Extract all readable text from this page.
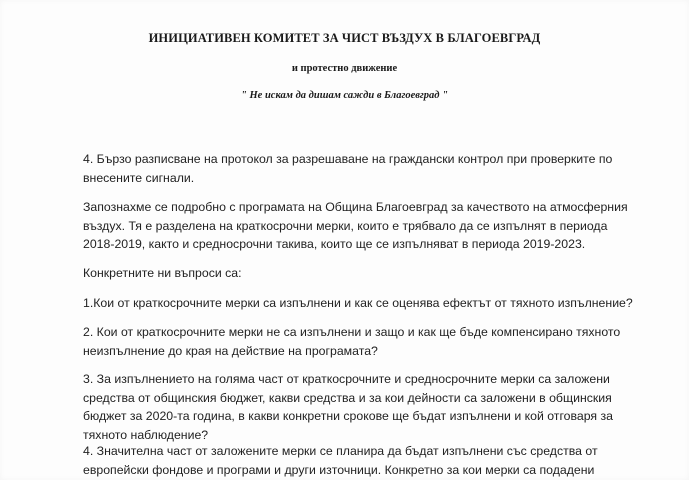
ИНИЦИАТИВЕН КОМИТЕТ ЗА ЧИСТ ВЪЗДУХ В БЛАГОЕВГРАД
и протестно движение
" Не искам да дишам сажди в Благоевград "
4. Бързо разписване на протокол за разрешаване на граждански контрол при проверките по
внесените сигнали.
Запознахме се подробно с програмата на Община Благоевград за качеството на атмосферния
въздух. Тя е разделена на краткосрочни мерки, които е трябвало да се изпълнят в периода
2018-2019, както и средносрочни такива, които ще се изпълняват в периода 2019-2023.
Конкретните ни въпроси са:
1.Кои от краткосрочните мерки са изпълнени и как се оценява ефектът от тяхното изпълнение?
2. Кои от краткосрочните мерки не са изпълнени и защо и как ще бъде компенсирано тяхното
неизпълнение до края на действие на програмата?
3. За изпълнението на голяма част от краткосрочните и средносрочните мерки са заложени
средства от общинския бюджет, какви средства и за кои дейности са заложени в общинския
бюджет за 2020-та година, в какви конкретни срокове ще бъдат изпълнени и кой отговаря за
тяхното наблюдение?
4. Значителна част от заложените мерки се планира да бъдат изпълнени със средства от
европейски фондове и програми и други източници. Конкретно за кои мерки са подадени
